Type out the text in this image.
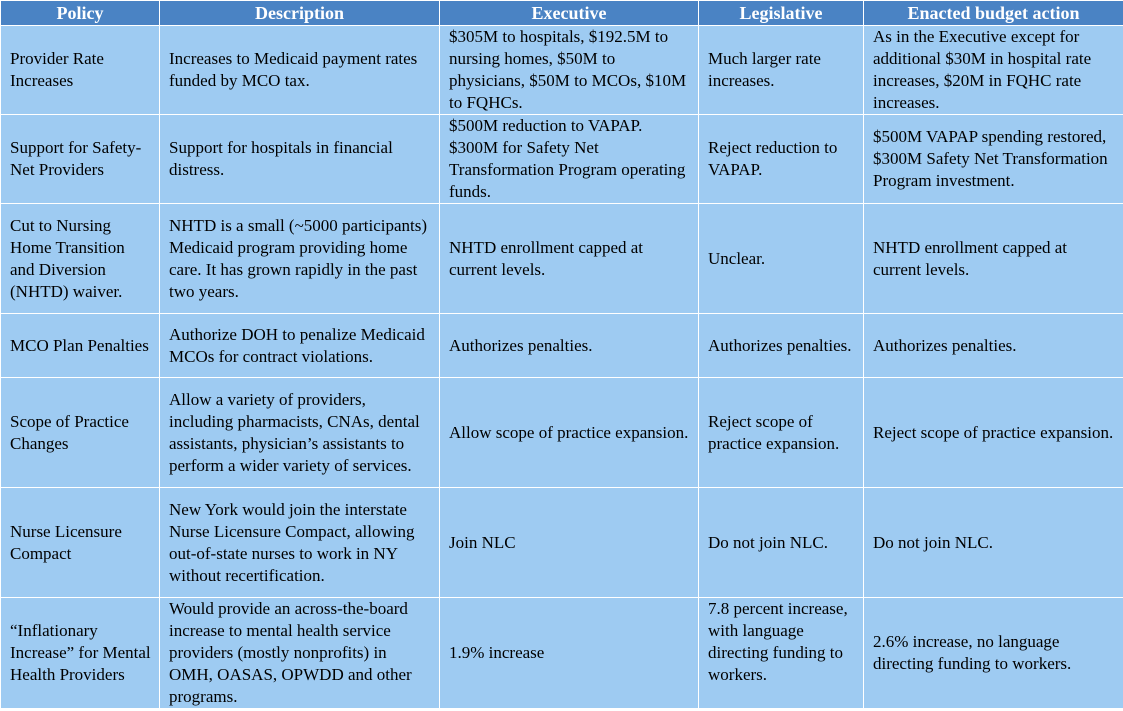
Policy	Description	Executive	Legislative	Enacted budget action
Provider Rate Increases	Increases to Medicaid payment rates funded by MCO tax.	$305M to hospitals, $192.5M to nursing homes, $50M to physicians, $50M to MCOs, $10M to FQHCs.	Much larger rate increases.	As in the Executive except for additional $30M in hospital rate increases, $20M in FQHC rate increases.
Support for Safety-Net Providers	Support for hospitals in financial distress.	$500M reduction to VAPAP. $300M for Safety Net Transformation Program operating funds.	Reject reduction to VAPAP.	$500M VAPAP spending restored, $300M Safety Net Transformation Program investment.
Cut to Nursing Home Transition and Diversion (NHTD) waiver.	NHTD is a small (~5000 participants) Medicaid program providing home care. It has grown rapidly in the past two years.	NHTD enrollment capped at current levels.	Unclear.	NHTD enrollment capped at current levels.
MCO Plan Penalties	Authorize DOH to penalize Medicaid MCOs for contract violations.	Authorizes penalties.	Authorizes penalties.	Authorizes penalties.
Scope of Practice Changes	Allow a variety of providers, including pharmacists, CNAs, dental assistants, physician’s assistants to perform a wider variety of services.	Allow scope of practice expansion.	Reject scope of practice expansion.	Reject scope of practice expansion.
Nurse Licensure Compact	New York would join the interstate Nurse Licensure Compact, allowing out-of-state nurses to work in NY without recertification.	Join NLC	Do not join NLC.	Do not join NLC.
“Inflationary Increase” for Mental Health Providers	Would provide an across-the-board increase to mental health service providers (mostly nonprofits) in OMH, OASAS, OPWDD and other programs.	1.9% increase	7.8 percent increase, with language directing funding to workers.	2.6% increase, no language directing funding to workers.
